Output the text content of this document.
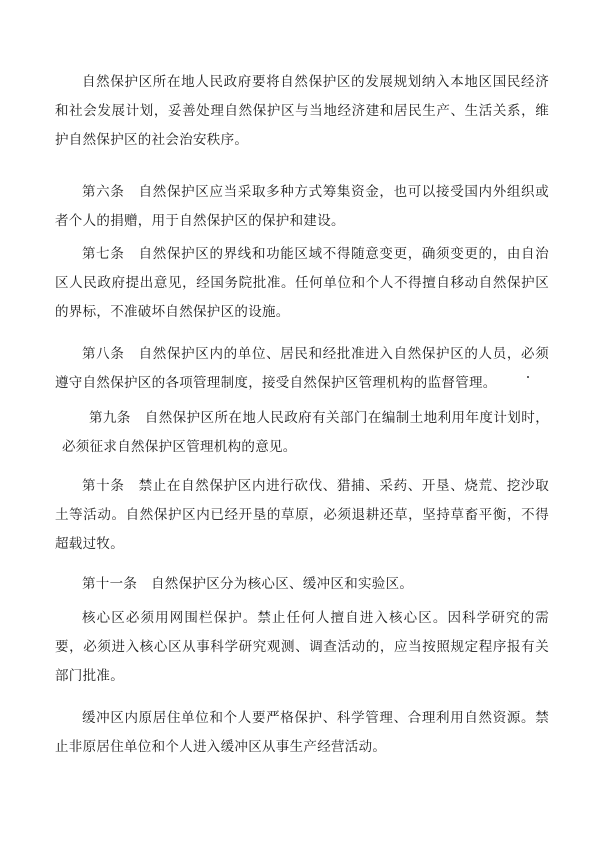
自然保护区所在地人民政府要将自然保护区的发展规划纳入本地区国民经济和社会发展计划，妥善处理自然保护区与当地经济建和居民生产、生活关系，维护自然保护区的社会治安秩序。

第六条　自然保护区应当采取多种方式筹集资金，也可以接受国内外组织或者个人的捐赠，用于自然保护区的保护和建设。

第七条　自然保护区的界线和功能区域不得随意变更，确须变更的，由自治区人民政府提出意见，经国务院批准。任何单位和个人不得擅自移动自然保护区的界标，不准破坏自然保护区的设施。

第八条　自然保护区内的单位、居民和经批准进入自然保护区的人员，必须遵守自然保护区的各项管理制度，接受自然保护区管理机构的监督管理。

第九条　自然保护区所在地人民政府有关部门在编制土地利用年度计划时，必须征求自然保护区管理机构的意见。

第十条　禁止在自然保护区内进行砍伐、猎捕、采药、开垦、烧荒、挖沙取土等活动。自然保护区内已经开垦的草原，必须退耕还草，坚持草畜平衡，不得超载过牧。

第十一条　自然保护区分为核心区、缓冲区和实验区。

核心区必须用网围栏保护。禁止任何人擅自进入核心区。因科学研究的需要，必须进入核心区从事科学研究观测、调查活动的，应当按照规定程序报有关部门批准。

缓冲区内原居住单位和个人要严格保护、科学管理、合理利用自然资源。禁止非原居住单位和个人进入缓冲区从事生产经营活动。
